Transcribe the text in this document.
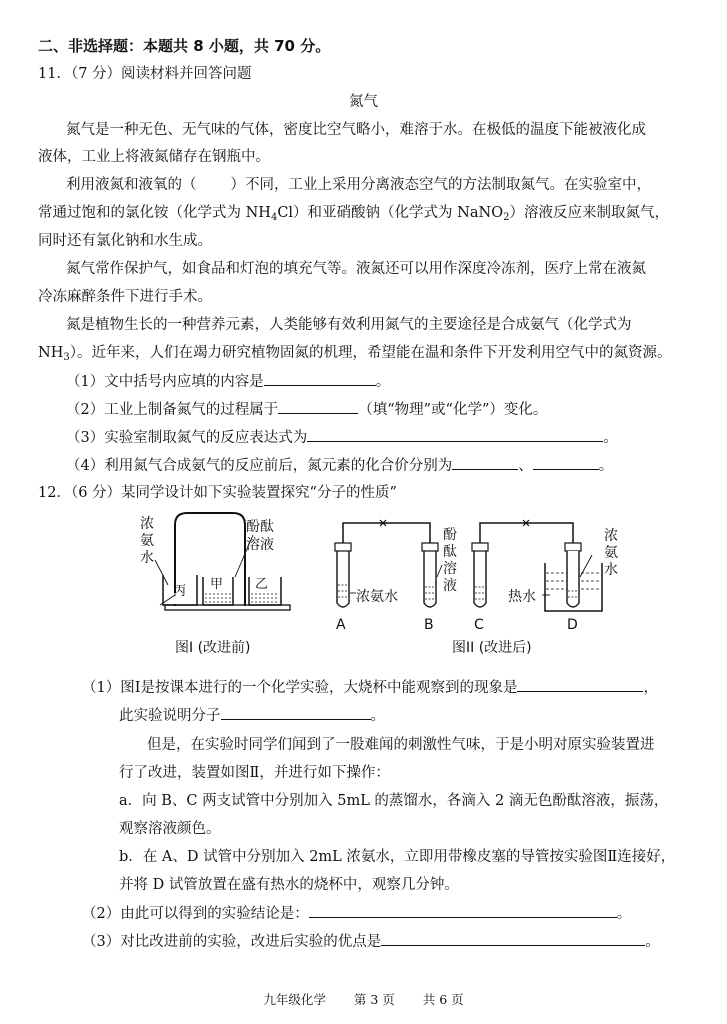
二、非选择题：本题共 8 小题，共 70 分。
11．（7 分）阅读材料并回答问题
氮气
氮气是一种无色、无气味的气体，密度比空气略小，难溶于水。在极低的温度下能被液化成
液体，工业上将液氮储存在钢瓶中。
利用液氮和液氧的（ ）不同，工业上采用分离液态空气的方法制取氮气。在实验室中，
常通过饱和的氯化铵（化学式为 $NH_4Cl$）和亚硝酸钠（化学式为 NaNO$_2$）溶液反应来制取氮气，
同时还有氯化钠和水生成。
氮气常作保护气，如食品和灯泡的填充气等。液氮还可以用作深度冷冻剂，医疗上常在液氮
冷冻麻醉条件下进行手术。
氮是植物生长的一种营养元素，人类能够有效利用氮气的主要途径是合成氨气（化学式为
$NH_3$）。近年来，人们在竭力研究植物固氮的机理，希望能在温和条件下开发利用空气中的氮资源。
（1）文中括号内应填的内容是	。
（2）工业上制备氮气的过程属于	（填“物理”或“化学”）变化。
（3）实验室制取氮气的反应表达式为	。
（4）利用氮气合成氨气的反应前后，氮元素的化合价分别为	、	。
12．（6 分）某同学设计如下实验装置探究“分子的性质”
浓
氨
水
酚酞
溶液
丙 甲 乙
图I (改进前)
浓氨水
酚
酞
溶
液
热水
浓
氨
水
A	B	C	D
图II (改进后)
（1）图Ⅰ是按课本进行的一个化学实验，大烧杯中能观察到的现象是	，
此实验说明分子	。
但是，在实验时同学们闻到了一股难闻的刺激性气味，于是小明对原实验装置进
行了改进，装置如图Ⅱ，并进行如下操作：
a．向 B、C 两支试管中分别加入 5mL 的蒸馏水，各滴入 2 滴无色酚酞溶液，振荡，
观察溶液颜色。
b．在 A、D 试管中分别加入 2mL 浓氨水，立即用带橡皮塞的导管按实验图Ⅱ连接好，
并将 D 试管放置在盛有热水的烧杯中，观察几分钟。
（2）由此可以得到的实验结论是：	。
（3）对比改进前的实验，改进后实验的优点是	。
九年级化学 第 3 页 共 6 页
